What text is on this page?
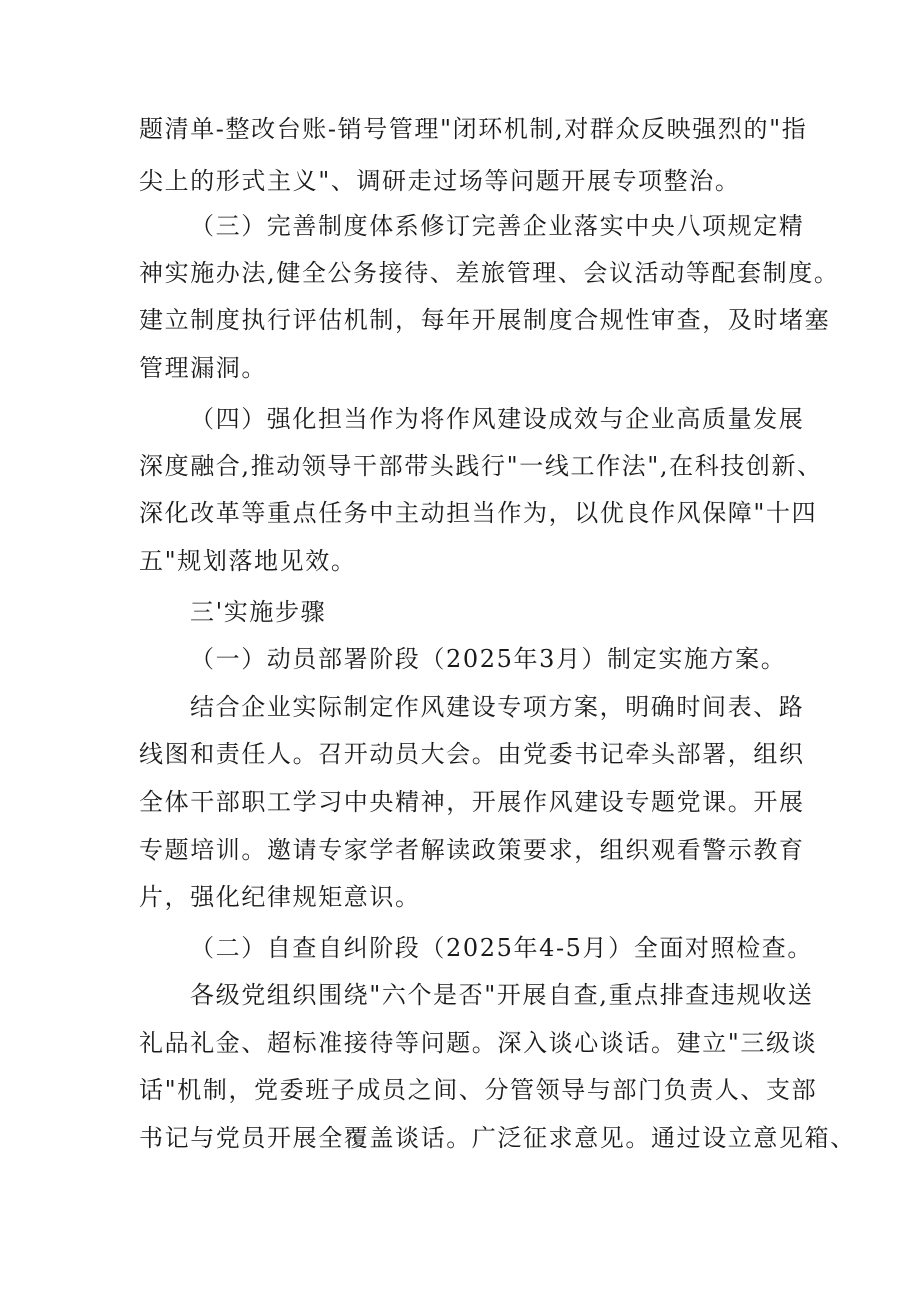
题清单-整改台账-销号管理"闭环机制,对群众反映强烈的"指
尖上的形式主义"、调研走过场等问题开展专项整治。
（三）完善制度体系修订完善企业落实中央八项规定精
神实施办法,健全公务接待、差旅管理、会议活动等配套制度。
建立制度执行评估机制，每年开展制度合规性审查，及时堵塞
管理漏洞。
（四）强化担当作为将作风建设成效与企业高质量发展
深度融合,推动领导干部带头践行"一线工作法",在科技创新、
深化改革等重点任务中主动担当作为，以优良作风保障"十四
五"规划落地见效。
三'实施步骤
（一）动员部署阶段（2025年3月）制定实施方案。
结合企业实际制定作风建设专项方案，明确时间表、路
线图和责任人。召开动员大会。由党委书记牵头部署，组织
全体干部职工学习中央精神，开展作风建设专题党课。开展
专题培训。邀请专家学者解读政策要求，组织观看警示教育
片，强化纪律规矩意识。
（二）自查自纠阶段（2025年4-5月）全面对照检查。
各级党组织围绕"六个是否"开展自查,重点排查违规收送
礼品礼金、超标准接待等问题。深入谈心谈话。建立"三级谈
话"机制，党委班子成员之间、分管领导与部门负责人、支部
书记与党员开展全覆盖谈话。广泛征求意见。通过设立意见箱、
